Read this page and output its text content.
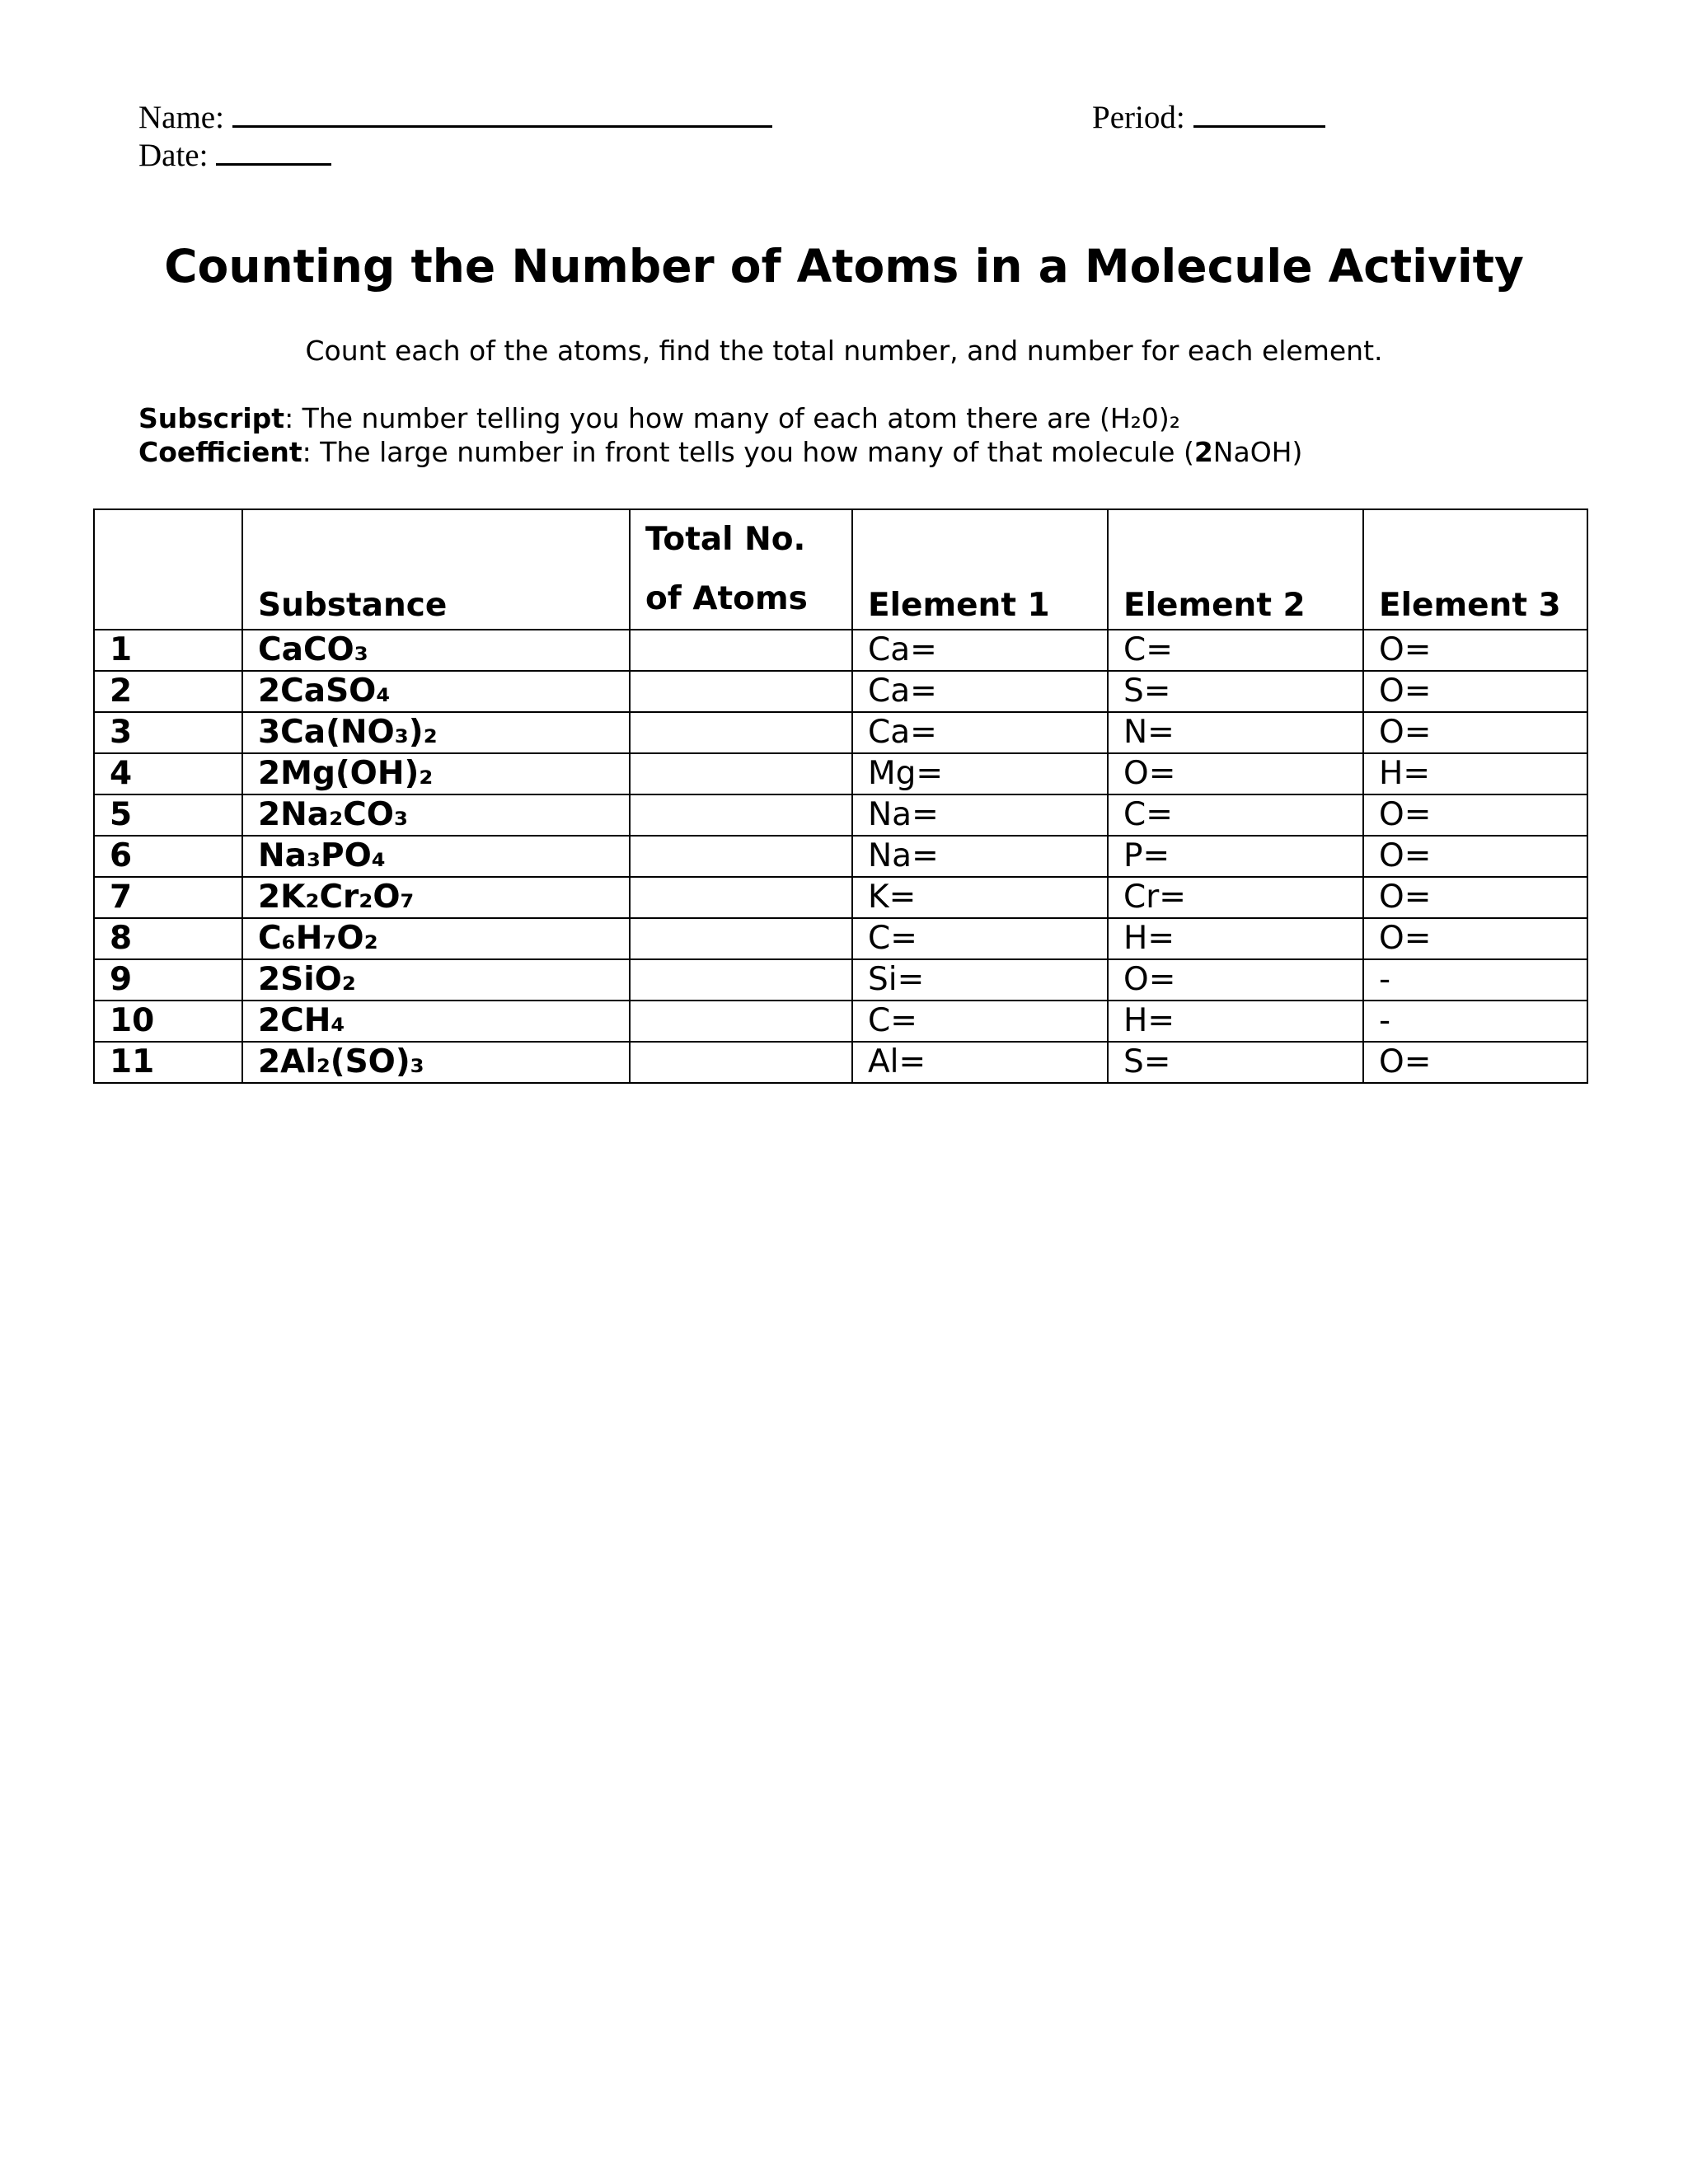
Name:
Date:
Period:
Counting the Number of Atoms in a Molecule Activity
Count each of the atoms, find the total number, and number for each element.
Subscript: The number telling you how many of each atom there are (H₂0)₂
Coefficient: The large number in front tells you how many of that molecule (2NaOH)
	Substance	Total No. of Atoms	Element 1	Element 2	Element 3
1	CaCO₃		Ca=	C=	O=
2	2CaSO₄		Ca=	S=	O=
3	3Ca(NO₃)₂		Ca=	N=	O=
4	2Mg(OH)₂		Mg=	O=	H=
5	2Na₂CO₃		Na=	C=	O=
6	Na₃PO₄		Na=	P=	O=
7	2K₂Cr₂O₇		K=	Cr=	O=
8	C₆H₇O₂		C=	H=	O=
9	2SiO₂		Si=	O=	-
10	2CH₄		C=	H=	-
11	2Al₂(SO)₃		Al=	S=	O=
